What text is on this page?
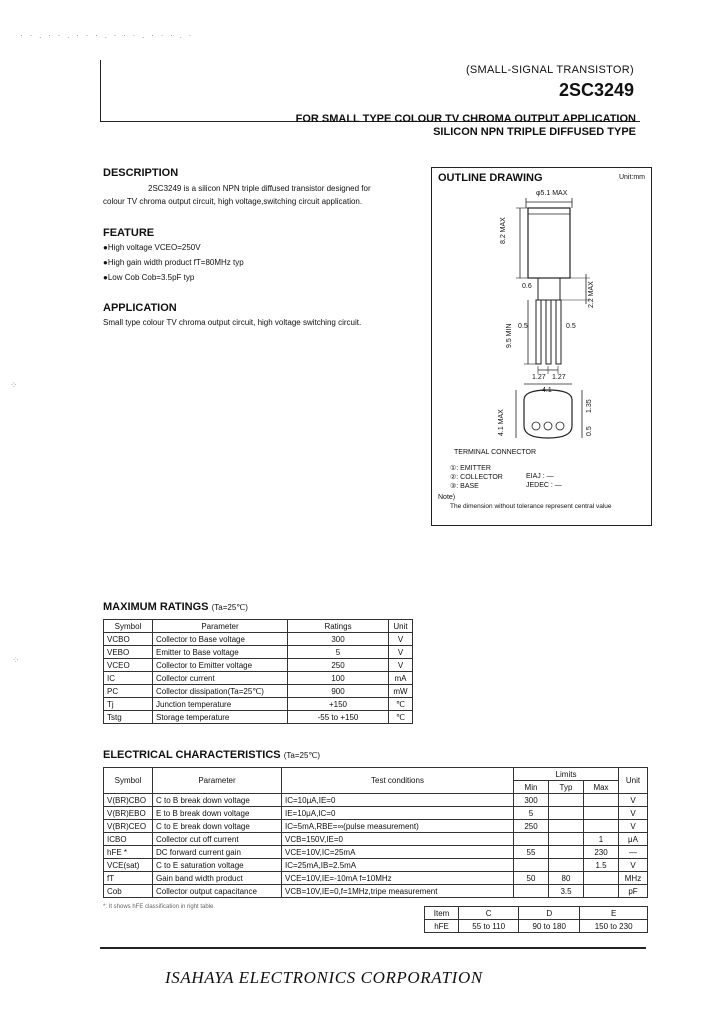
· · . · · . · · · . · · · . · · · . ·
⁘
⁘
(SMALL-SIGNAL TRANSISTOR)
2SC3249
FOR SMALL TYPE COLOUR TV CHROMA OUTPUT APPLICATION
SILICON NPN TRIPLE DIFFUSED TYPE
DESCRIPTION
2SC3249 is a silicon NPN triple diffused transistor designed for
colour TV chroma output circuit, high voltage,switching circuit application.
FEATURE
●High voltage VCEO=250V
●High gain width product fT=80MHz typ
●Low Cob Cob=3.5pF typ
APPLICATION
Small type colour TV chroma output circuit, high voltage switching circuit.
OUTLINE DRAWING	Unit:mm
φ5.1 MAX
8.2 MAX
0.6	2.2 MAX
9.5 MIN 0.5	0.5
1.27 1.27
4.1
4.1 MAX
1.35
0.5
TERMINAL CONNECTOR
①: EMITTER
②: COLLECTOR
③: BASE
EIAJ : —
JEDEC : —
Note)
The dimension without tolerance represent central value
MAXIMUM RATINGS (Ta=25℃)
Symbol	Parameter	Ratings	Unit
VCBO	Collector to Base voltage	300	V
VEBO	Emitter to Base voltage	5	V
VCEO	Collector to Emitter voltage	250	V
IC	Collector current	100	mA
PC	Collector dissipation(Ta=25℃)	900	mW
Tj	Junction temperature	+150	℃
Tstg	Storage temperature	-55 to +150	℃
ELECTRICAL CHARACTERISTICS (Ta=25℃)
Symbol	Parameter	Test conditions	Limits			Unit
			Min	Typ	Max	
V(BR)CBO	C to B break down voltage	IC=10μA,IE=0	300			V
V(BR)EBO	E to B break down voltage	IE=10μA,IC=0	5			V
V(BR)CEO	C to E break down voltage	IC=5mA,RBE=∞(pulse measurement)	250			V
ICBO	Collector cut off current	VCB=150V,IE=0			1	μA
hFE *	DC forward current gain	VCE=10V,IC=25mA	55		230	—
VCE(sat)	C to E saturation voltage	IC=25mA,IB=2.5mA			1.5	V
fT	Gain band width product	VCE=10V,IE=-10mA f=10MHz	50	80		MHz
Cob	Collector output capacitance	VCB=10V,IE=0,f=1MHz,tripe measurement		3.5		pF
*: It shows hFE classification in right table.
Item	C	D	E
hFE	55 to 110	90 to 180	150 to 230
ISAHAYA ELECTRONICS CORPORATION
